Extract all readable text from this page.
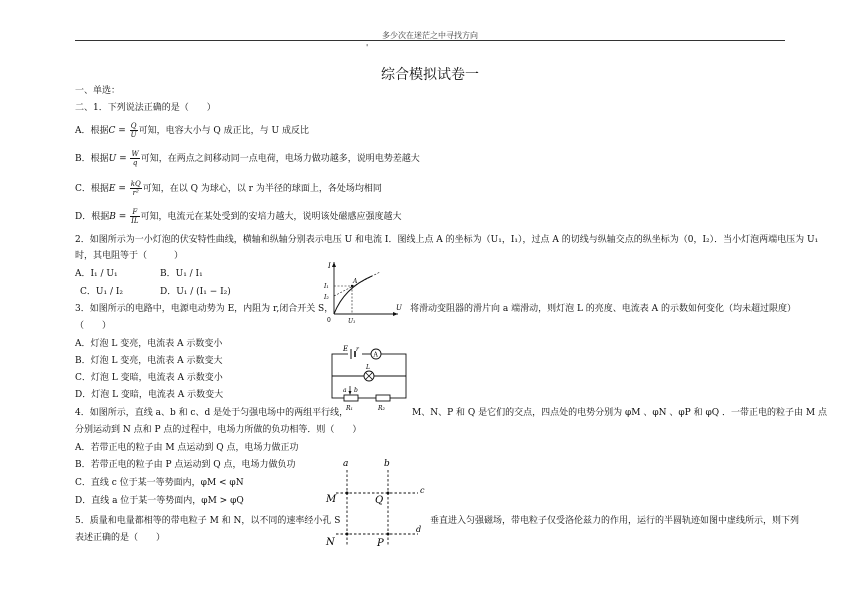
多少次在迷茫之中寻找方向
'
综合模拟试卷一
一、单选：
二、1．下列说法正确的是（　　）
A．根据$C = \frac{Q}{U}$ 可知，电容大小与 Q 成正比，与 U 成反比
B．根据$U = \frac{W}{q}$ 可知，在两点之间移动同一点电荷，电场力做功越多，说明电势差越大
C．根据$E = \frac{kQ}{\text{r²}}$ 可知，在以 Q 为球心，以 r 为半径的球面上，各处场均相同
D．根据$B = \frac{F}{IL}$ 可知，电流元在某处受到的安培力越大，说明该处磁感应强度越大
2．如图所示为一小灯泡的伏安特性曲线，横轴和纵轴分别表示电压 U 和电流 I．图线上点 A 的坐标为（U₁，I₁），过点 A 的切线与纵轴交点的纵坐标为（0，I₂）．当小灯泡两端电压为 U₁
时，其电阻等于（　　　）
A．I₁ / U₁	B．U₁ / I₁
C．U₁ / I₂	D．U₁ / (I₁ − I₂)
I
I₁
I₂
A
0	U₁
U
3．如图所示的电路中，电源电动势为 E，内阻为 r,闭合开关 S，	将滑动变阻器的滑片向 a 端滑动，则灯泡 L 的亮度、电流表 A 的示数如何变化（均未超过限度）
（　　）
A．灯泡 L 变亮，电流表 A 示数变小
B．灯泡 L 变亮，电流表 A 示数变大
C．灯泡 L 变暗，电流表 A 示数变小
D．灯泡 L 变暗，电流表 A 示数变大
E r
A
L
a b
R₁	R₂
4．如图所示，直线 a、b 和 c、d 是处于匀强电场中的两组平行线，	M、N、P 和 Q 是它们的交点，四点处的电势分别为 φM 、φN 、φP 和 φQ ．一带正电的粒子由 M 点
分别运动到 N 点和 P 点的过程中，电场力所做的负功相等．则（　　）
A．若带正电的粒子由 M 点运动到 Q 点，电场力做正功
B．若带正电的粒子由 P 点运动到 Q 点，电场力做负功
C．直线 c 位于某一等势面内，φM < φN
D．直线 a 位于某一等势面内，φM > φQ
a	b
c
d
M	Q
N	P
5．质量和电量都相等的带电粒子 M 和 N，以不同的速率经小孔 S	垂直进入匀强磁场，带电粒子仅受洛伦兹力的作用，运行的半圆轨迹如图中虚线所示，则下列
表述正确的是（　　）
